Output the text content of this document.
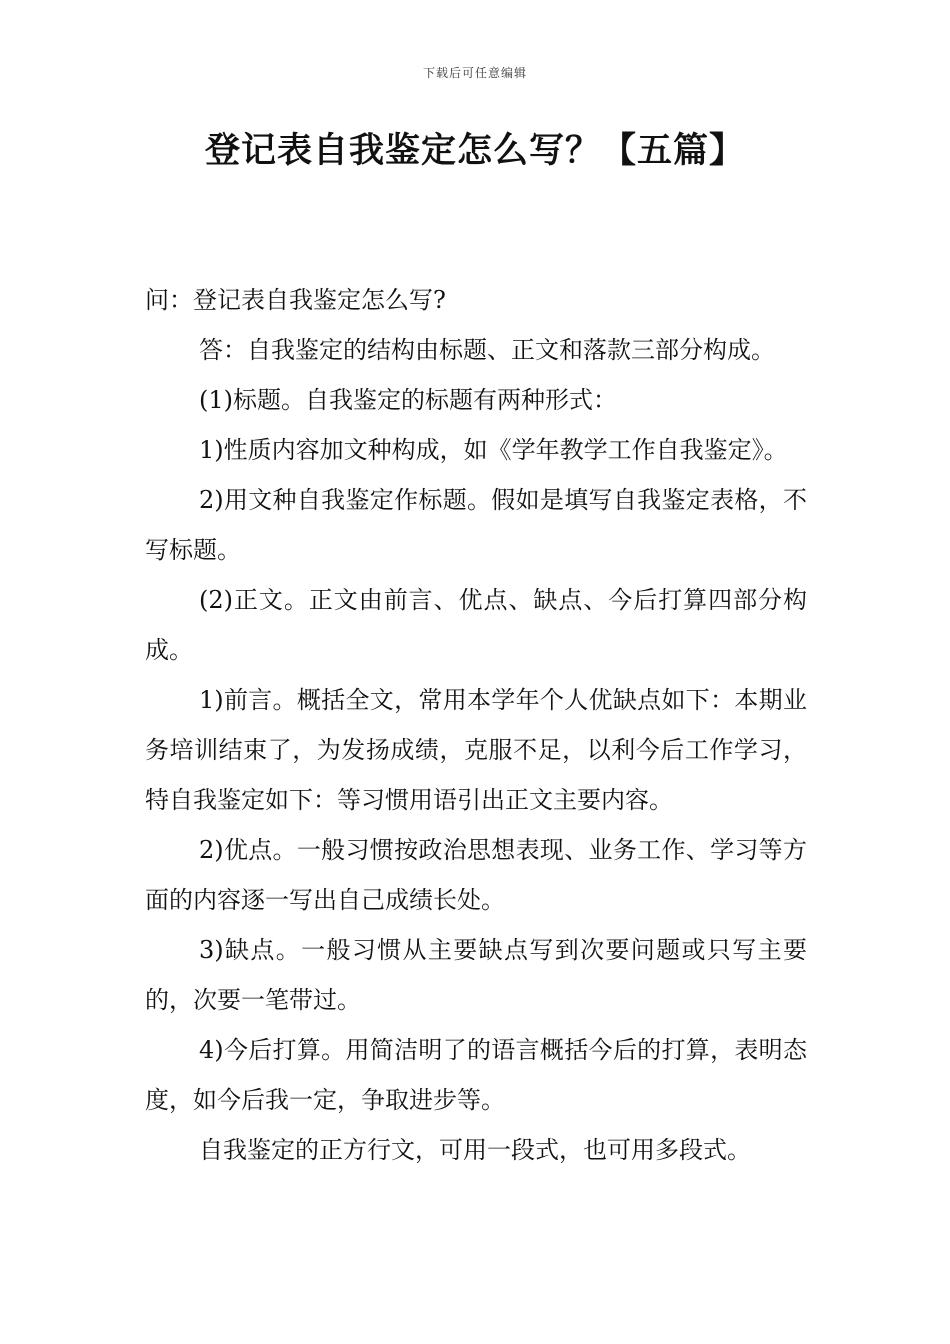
下载后可任意编辑
登记表自我鉴定怎么写？【五篇】

问：登记表自我鉴定怎么写?

答：自我鉴定的结构由标题、正文和落款三部分构成。

(1)标题。自我鉴定的标题有两种形式：

1)性质内容加文种构成，如《学年教学工作自我鉴定》。

2)用文种自我鉴定作标题。假如是填写自我鉴定表格，不写标题。

(2)正文。正文由前言、优点、缺点、今后打算四部分构成。

1)前言。概括全文，常用本学年个人优缺点如下：本期业务培训结束了，为发扬成绩，克服不足，以利今后工作学习，特自我鉴定如下：等习惯用语引出正文主要内容。

2)优点。一般习惯按政治思想表现、业务工作、学习等方面的内容逐一写出自己成绩长处。

3)缺点。一般习惯从主要缺点写到次要问题或只写主要的，次要一笔带过。

4)今后打算。用简洁明了的语言概括今后的打算，表明态度，如今后我一定，争取进步等。

自我鉴定的正方行文，可用一段式，也可用多段式。
